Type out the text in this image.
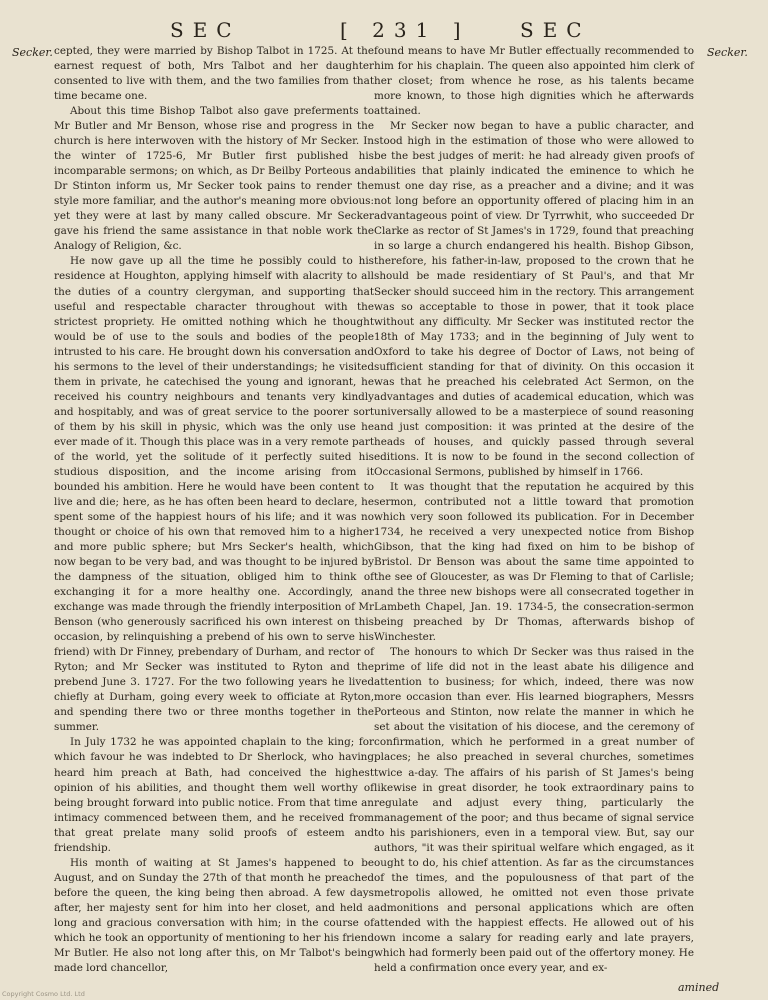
SEC	[ 231 ]	SEC
Secker.	Secker.

cepted, they were married by Bishop Talbot in 1725. At the earnest request of both, Mrs Talbot and her daughter consented to live with them, and the two families from that time became one.

About this time Bishop Talbot also gave preferments to Mr Butler and Mr Benson, whose rise and progress in the church is here interwoven with the history of Mr Secker. In the winter of 1725-6, Mr Butler first published his incomparable sermons; on which, as Dr Beilby Porteous and Dr Stinton inform us, Mr Secker took pains to render the style more familiar, and the author's meaning more obvious: yet they were at last by many called obscure. Mr Secker gave his friend the same assistance in that noble work the Analogy of Religion, &c.

He now gave up all the time he possibly could to his residence at Houghton, applying himself with alacrity to all the duties of a country clergyman, and supporting that useful and respectable character throughout with the strictest propriety. He omitted nothing which he thought would be of use to the souls and bodies of the people intrusted to his care. He brought down his conversation and his sermons to the level of their understandings; he visited them in private, he catechised the young and ignorant, he received his country neighbours and tenants very kindly and hospitably, and was of great service to the poorer sort of them by his skill in physic, which was the only use he ever made of it. Though this place was in a very remote part of the world, yet the solitude of it perfectly suited his studious disposition, and the income arising from it bounded his ambition. Here he would have been content to live and die; here, as he has often been heard to declare, he spent some of the happiest hours of his life; and it was no thought or choice of his own that removed him to a higher and more public sphere; but Mrs Secker's health, which now began to be very bad, and was thought to be injured by the dampness of the situation, obliged him to think of exchanging it for a more healthy one. Accordingly, an exchange was made through the friendly interposition of Mr Benson (who generously sacrificed his own interest on this occasion, by relinquishing a prebend of his own to serve his friend) with Dr Finney, prebendary of Durham, and rector of Ryton; and Mr Secker was instituted to Ryton and the prebend June 3. 1727. For the two following years he lived chiefly at Durham, going every week to officiate at Ryton, and spending there two or three months together in the summer.

In July 1732 he was appointed chaplain to the king; for which favour he was indebted to Dr Sherlock, who having heard him preach at Bath, had conceived the highest opinion of his abilities, and thought them well worthy of being brought forward into public notice. From that time an intimacy commenced between them, and he received from that great prelate many solid proofs of esteem and friendship.

His month of waiting at St James's happened to be August, and on Sunday the 27th of that month he preached before the queen, the king being then abroad. A few days after, her majesty sent for him into her closet, and held a long and gracious conversation with him; in the course of which he took an opportunity of mentioning to her his friend Mr Butler. He also not long after this, on Mr Talbot's being made lord chancellor,

found means to have Mr Butler effectually recommended to him for his chaplain. The queen also appointed him clerk of her closet; from whence he rose, as his talents became more known, to those high dignities which he afterwards attained.

Mr Secker now began to have a public character, and stood high in the estimation of those who were allowed to be the best judges of merit: he had already given proofs of abilities that plainly indicated the eminence to which he must one day rise, as a preacher and a divine; and it was not long before an opportunity offered of placing him in an advantageous point of view. Dr Tyrrwhit, who succeeded Dr Clarke as rector of St James's in 1729, found that preaching in so large a church endangered his health. Bishop Gibson, therefore, his father-in-law, proposed to the crown that he should be made residentiary of St Paul's, and that Mr Secker should succeed him in the rectory. This arrangement was so acceptable to those in power, that it took place without any difficulty. Mr Secker was instituted rector the 18th of May 1733; and in the beginning of July went to Oxford to take his degree of Doctor of Laws, not being of sufficient standing for that of divinity. On this occasion it was that he preached his celebrated Act Sermon, on the advantages and duties of academical education, which was universally allowed to be a masterpiece of sound reasoning and just composition: it was printed at the desire of the heads of houses, and quickly passed through several editions. It is now to be found in the second collection of Occasional Sermons, published by himself in 1766.

It was thought that the reputation he acquired by this sermon, contributed not a little toward that promotion which very soon followed its publication. For in December 1734, he received a very unexpected notice from Bishop Gibson, that the king had fixed on him to be bishop of Bristol. Dr Benson was about the same time appointed to the see of Gloucester, as was Dr Fleming to that of Carlisle; and the three new bishops were all consecrated together in Lambeth Chapel, Jan. 19. 1734-5, the consecration-sermon being preached by Dr Thomas, afterwards bishop of Winchester.

The honours to which Dr Secker was thus raised in the prime of life did not in the least abate his diligence and attention to business; for which, indeed, there was now more occasion than ever. His learned biographers, Messrs Porteous and Stinton, now relate the manner in which he set about the visitation of his diocese, and the ceremony of confirmation, which he performed in a great number of places; he also preached in several churches, sometimes twice a-day. The affairs of his parish of St James's being likewise in great disorder, he took extraordinary pains to regulate and adjust every thing, particularly the management of the poor; and thus became of signal service to his parishioners, even in a temporal view. But, say our authors, "it was their spiritual welfare which engaged, as it ought to do, his chief attention. As far as the circumstances of the times, and the populousness of that part of the metropolis allowed, he omitted not even those private admonitions and personal applications which are often attended with the happiest effects. He allowed out of his own income a salary for reading early and late prayers, which had formerly been paid out of the offertory money. He held a confirmation once every year, and ex-

amined
Copyright Cosmo Ltd. Ltd
